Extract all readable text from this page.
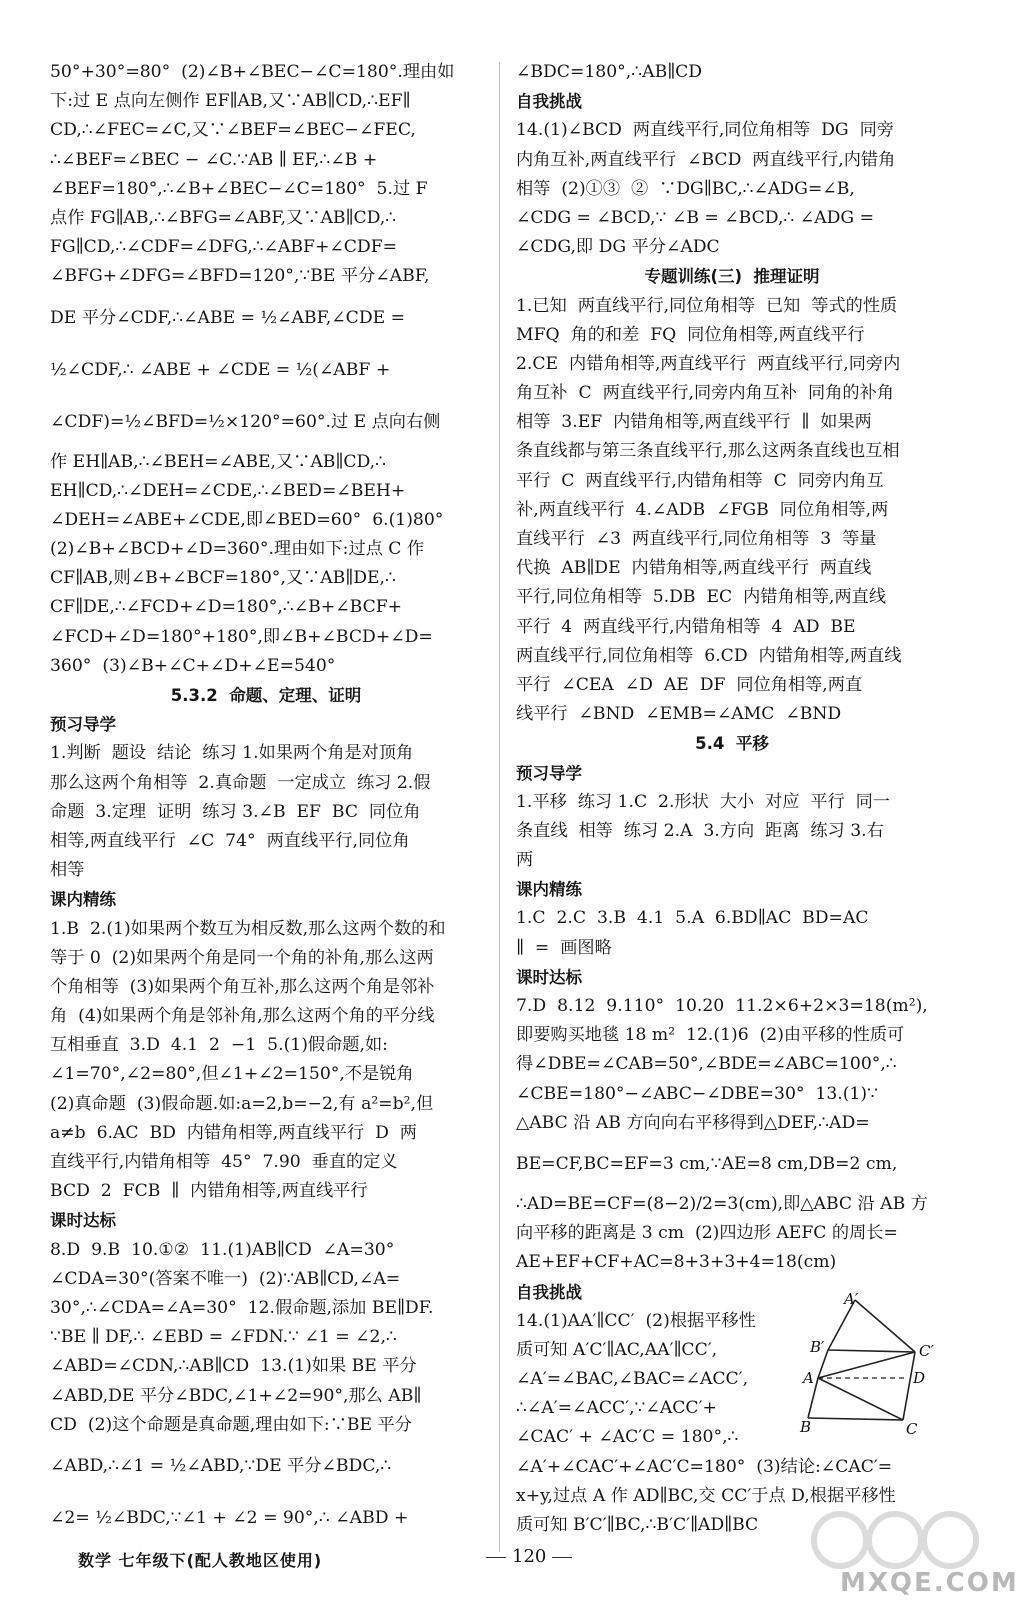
50°+30°=80°  (2)∠B+∠BEC−∠C=180°.理由如
下:过 E 点向左侧作 EF∥AB,又∵AB∥CD,∴EF∥
CD,∴∠FEC=∠C,又∵∠BEF=∠BEC−∠FEC,
∴∠BEF=∠BEC − ∠C.∵AB ∥ EF,∴∠B +
∠BEF=180°,∴∠B+∠BEC−∠C=180°  5.过 F
点作 FG∥AB,∴∠BFG=∠ABF,又∵AB∥CD,∴
FG∥CD,∴∠CDF=∠DFG,∴∠ABF+∠CDF=
∠BFG+∠DFG=∠BFD=120°,∵BE 平分∠ABF,
DE 平分∠CDF,∴∠ABE = ½∠ABF,∠CDE =
½∠CDF,∴ ∠ABE + ∠CDE = ½(∠ABF +
∠CDF)=½∠BFD=½×120°=60°.过 E 点向右侧
作 EH∥AB,∴∠BEH=∠ABE,又∵AB∥CD,∴
EH∥CD,∴∠DEH=∠CDE,∴∠BED=∠BEH+
∠DEH=∠ABE+∠CDE,即∠BED=60°  6.(1)80°
(2)∠B+∠BCD+∠D=360°.理由如下:过点 C 作
CF∥AB,则∠B+∠BCF=180°,又∵AB∥DE,∴
CF∥DE,∴∠FCD+∠D=180°,∴∠B+∠BCF+
∠FCD+∠D=180°+180°,即∠B+∠BCD+∠D=
360°  (3)∠B+∠C+∠D+∠E=540°
5.3.2  命题、定理、证明
预习导学
1.判断  题设  结论  练习 1.如果两个角是对顶角
那么这两个角相等  2.真命题  一定成立  练习 2.假
命题  3.定理  证明  练习 3.∠B  EF  BC  同位角
相等,两直线平行  ∠C  74°  两直线平行,同位角
相等
课内精练
1.B  2.(1)如果两个数互为相反数,那么这两个数的和
等于 0  (2)如果两个角是同一个角的补角,那么这两
个角相等  (3)如果两个角互补,那么这两个角是邻补
角  (4)如果两个角是邻补角,那么这两个角的平分线
互相垂直  3.D  4.1  2  −1  5.(1)假命题,如:
∠1=70°,∠2=80°,但∠1+∠2=150°,不是锐角
(2)真命题  (3)假命题.如:a=2,b=−2,有 a²=b²,但
a≠b  6.AC  BD  内错角相等,两直线平行  D  两
直线平行,内错角相等  45°  7.90  垂直的定义
BCD  2  FCB  ∥  内错角相等,两直线平行
课时达标
8.D  9.B  10.①②  11.(1)AB∥CD  ∠A=30°
∠CDA=30°(答案不唯一)  (2)∵AB∥CD,∠A=
30°,∴∠CDA=∠A=30°  12.假命题,添加 BE∥DF.
∵BE ∥ DF,∴ ∠EBD = ∠FDN.∵ ∠1 = ∠2,∴
∠ABD=∠CDN,∴AB∥CD  13.(1)如果 BE 平分
∠ABD,DE 平分∠BDC,∠1+∠2=90°,那么 AB∥
CD  (2)这个命题是真命题,理由如下:∵BE 平分
∠ABD,∴∠1 = ½∠ABD,∵DE 平分∠BDC,∴
∠2= ½∠BDC,∵∠1 + ∠2 = 90°,∴ ∠ABD +
∠BDC=180°,∴AB∥CD
自我挑战
14.(1)∠BCD  两直线平行,同位角相等  DG  同旁
内角互补,两直线平行  ∠BCD  两直线平行,内错角
相等  (2)①③  ②  ∵DG∥BC,∴∠ADG=∠B,
∠CDG = ∠BCD,∵ ∠B = ∠BCD,∴ ∠ADG =
∠CDG,即 DG 平分∠ADC
专题训练(三)  推理证明
1.已知  两直线平行,同位角相等  已知  等式的性质
MFQ  角的和差  FQ  同位角相等,两直线平行
2.CE  内错角相等,两直线平行  两直线平行,同旁内
角互补  C  两直线平行,同旁内角互补  同角的补角
相等  3.EF  内错角相等,两直线平行  ∥  如果两
条直线都与第三条直线平行,那么这两条直线也互相
平行  C  两直线平行,内错角相等  C  同旁内角互
补,两直线平行  4.∠ADB  ∠FGB  同位角相等,两
直线平行  ∠3  两直线平行,同位角相等  3  等量
代换  AB∥DE  内错角相等,两直线平行  两直线
平行,同位角相等  5.DB  EC  内错角相等,两直线
平行  4  两直线平行,内错角相等  4  AD  BE
两直线平行,同位角相等  6.CD  内错角相等,两直线
平行  ∠CEA  ∠D  AE  DF  同位角相等,两直
线平行  ∠BND  ∠EMB=∠AMC  ∠BND
5.4  平移
预习导学
1.平移  练习 1.C  2.形状  大小  对应  平行  同一
条直线  相等  练习 2.A  3.方向  距离  练习 3.右
两
课内精练
1.C  2.C  3.B  4.1  5.A  6.BD∥AC  BD=AC
∥  =  画图略
课时达标
7.D  8.12  9.110°  10.20  11.2×6+2×3=18(m²),
即要购买地毯 18 m²  12.(1)6  (2)由平移的性质可
得∠DBE=∠CAB=50°,∠BDE=∠ABC=100°,∴
∠CBE=180°−∠ABC−∠DBE=30°  13.(1)∵
△ABC 沿 AB 方向向右平移得到△DEF,∴AD=
BE=CF,BC=EF=3 cm,∵AE=8 cm,DB=2 cm,
∴AD=BE=CF=(8−2)/2=3(cm),即△ABC 沿 AB 方
向平移的距离是 3 cm  (2)四边形 AEFC 的周长=
AE+EF+CF+AC=8+3+3+4=18(cm)
自我挑战
14.(1)AA′∥CC′  (2)根据平移性
质可知 A′C′∥AC,AA′∥CC′,
∠A′=∠BAC,∠BAC=∠ACC′,
∴∠A′=∠ACC′,∵∠ACC′+
∠CAC′ + ∠AC′C = 180°,∴
∠A′+∠CAC′+∠AC′C=180°  (3)结论:∠CAC′=
x+y,过点 A 作 AD∥BC,交 CC′于点 D,根据平移性
质可知 B′C′∥BC,∴B′C′∥AD∥BC
A′
B′	C′
A	D
B	C
数学 七年级下(配人教地区使用)	120
MXQE.COM
